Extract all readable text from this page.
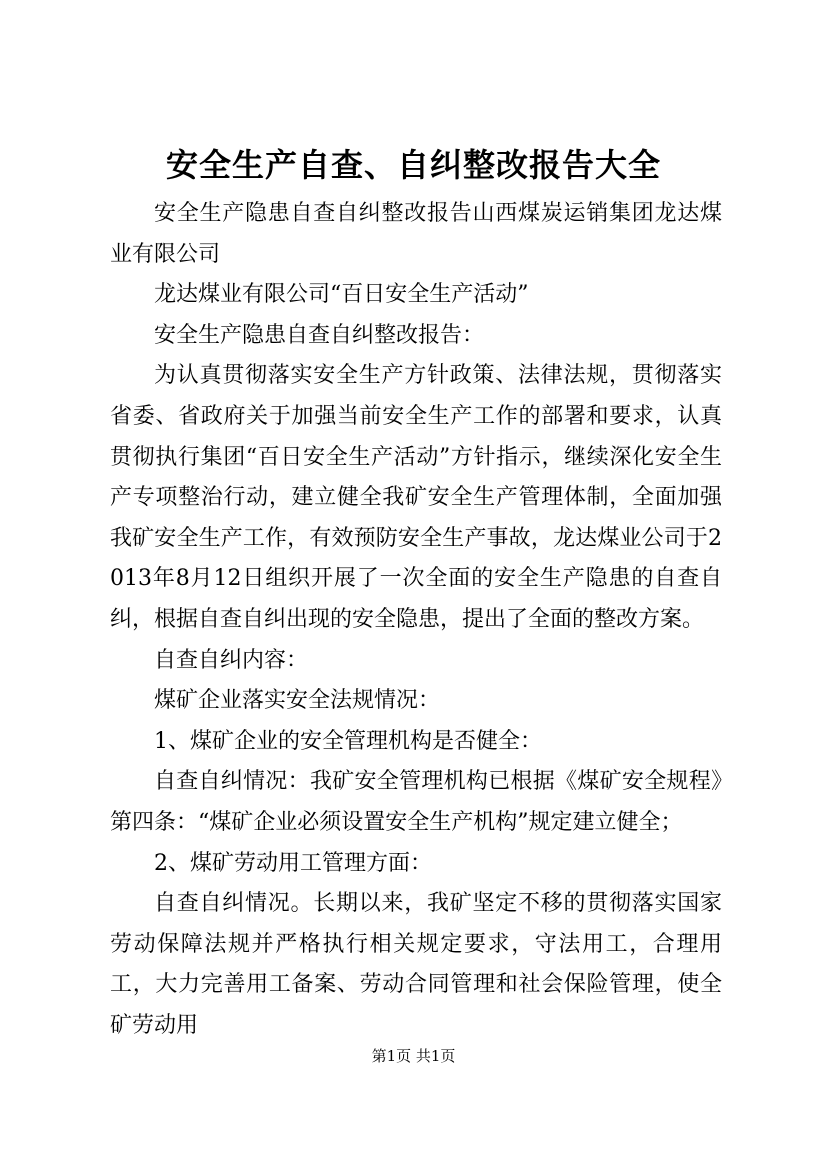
安全生产自查、自纠整改报告大全

安全生产隐患自查自纠整改报告山西煤炭运销集团龙达煤业有限公司

龙达煤业有限公司“百日安全生产活动”

安全生产隐患自查自纠整改报告：

为认真贯彻落实安全生产方针政策、法律法规，贯彻落实省委、省政府关于加强当前安全生产工作的部署和要求，认真贯彻执行集团“百日安全生产活动”方针指示，继续深化安全生产专项整治行动，建立健全我矿安全生产管理体制，全面加强我矿安全生产工作，有效预防安全生产事故，龙达煤业公司于2013年8月12日组织开展了一次全面的安全生产隐患的自查自纠，根据自查自纠出现的安全隐患，提出了全面的整改方案。

自查自纠内容：

煤矿企业落实安全法规情况：

1、煤矿企业的安全管理机构是否健全：

自查自纠情况：我矿安全管理机构已根据《煤矿安全规程》第四条：“煤矿企业必须设置安全生产机构”规定建立健全；

2、煤矿劳动用工管理方面：

自查自纠情况。长期以来，我矿坚定不移的贯彻落实国家劳动保障法规并严格执行相关规定要求，守法用工，合理用工，大力完善用工备案、劳动合同管理和社会保险管理，使全矿劳动用

第1页 共1页
